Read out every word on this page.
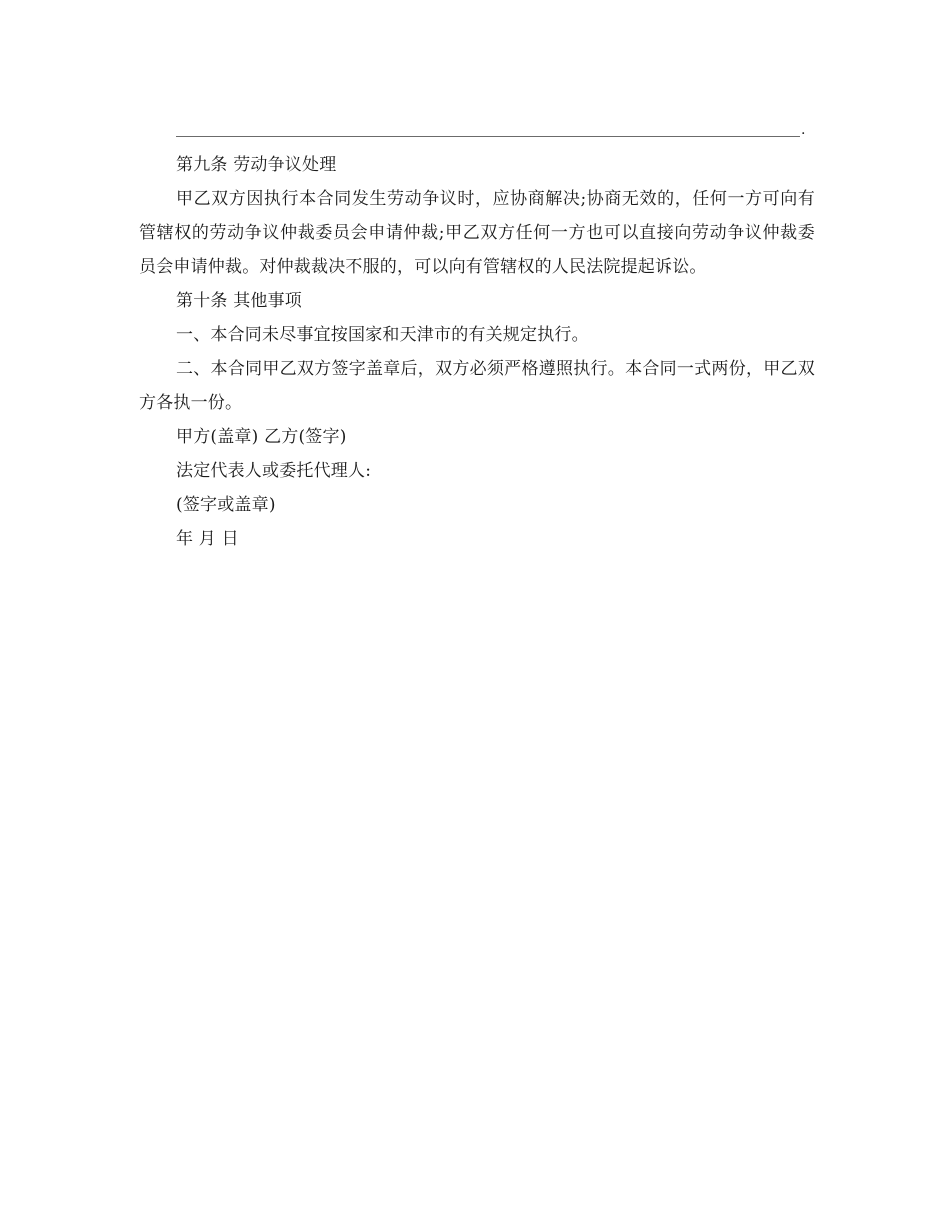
.

第九条 劳动争议处理

甲乙双方因执行本合同发生劳动争议时，应协商解决;协商无效的，任何一方可向有管辖权的劳动争议仲裁委员会申请仲裁;甲乙双方任何一方也可以直接向劳动争议仲裁委员会申请仲裁。对仲裁裁决不服的，可以向有管辖权的人民法院提起诉讼。

第十条 其他事项

一、本合同未尽事宜按国家和天津市的有关规定执行。

二、本合同甲乙双方签字盖章后，双方必须严格遵照执行。本合同一式两份，甲乙双方各执一份。

甲方(盖章) 乙方(签字)

法定代表人或委托代理人:

(签字或盖章)

年 月 日
